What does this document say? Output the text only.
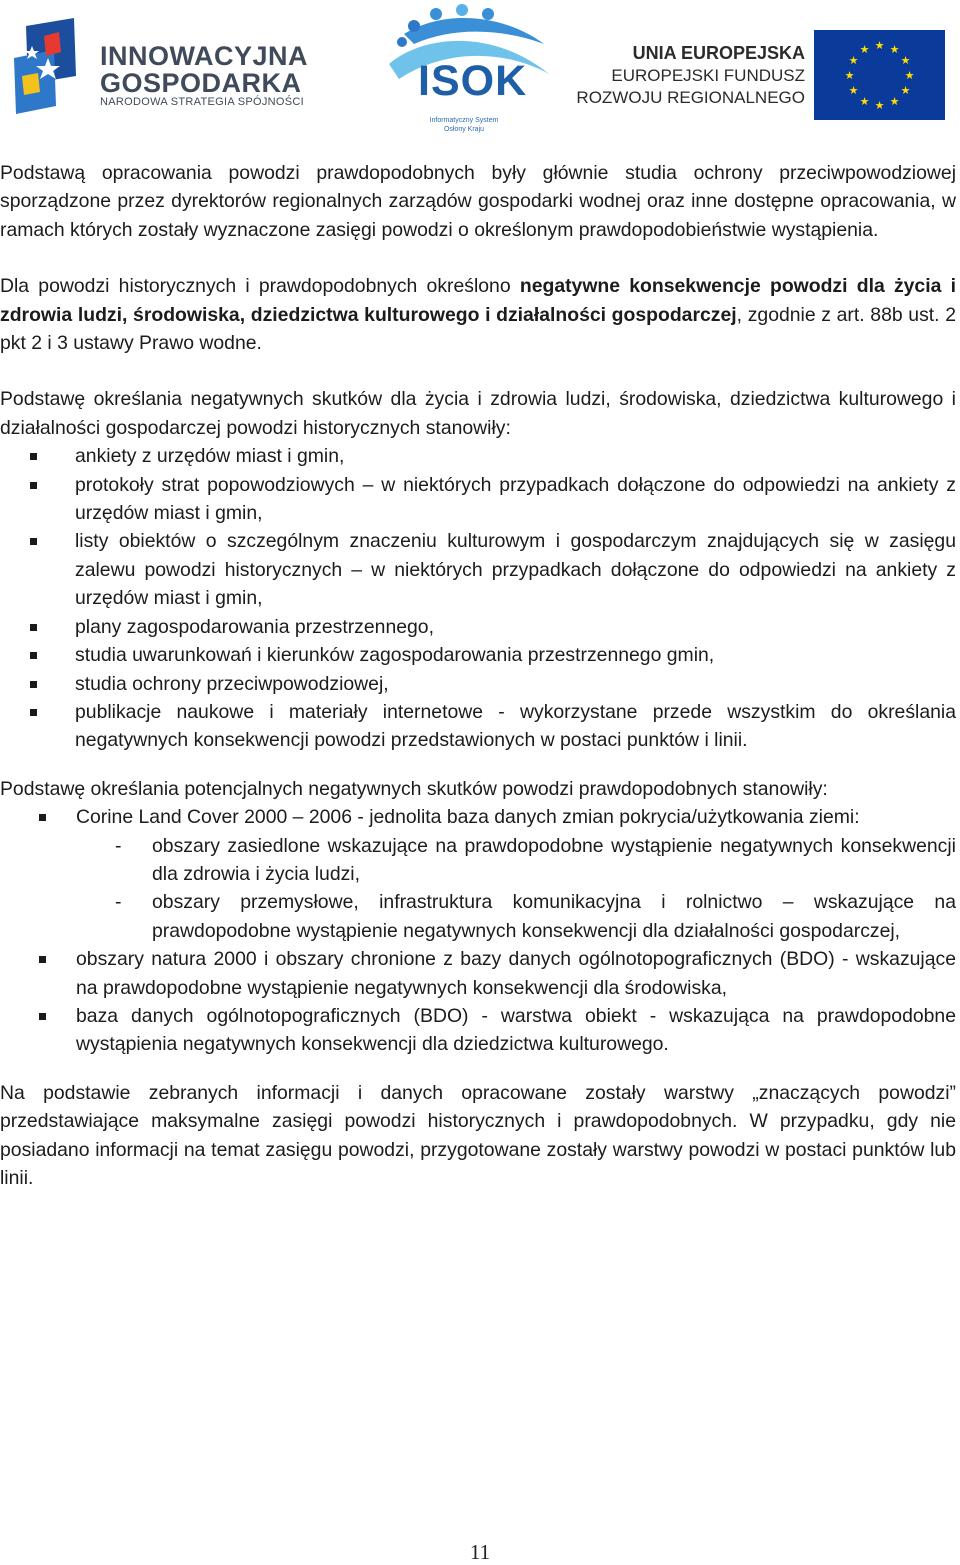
INNOWACYJNA
GOSPODARKA
NARODOWA STRATEGIA SPÓJNOŚCI	ISOK
Informatyczny System
Osłony Kraju
UNIA EUROPEJSKA
EUROPEJSKI FUNDUSZ
ROZWOJU REGIONALNEGO
★ ★
★
★
★
★
★
★
★
★
★
★

Podstawą opracowania powodzi prawdopodobnych były głównie studia ochrony przeciwpowodziowej sporządzone przez dyrektorów regionalnych zarządów gospodarki wodnej oraz inne dostępne opracowania, w ramach których zostały wyznaczone zasięgi powodzi o określonym prawdopodobieństwie wystąpienia.

Dla powodzi historycznych i prawdopodobnych określono negatywne konsekwencje powodzi dla życia i zdrowia ludzi, środowiska, dziedzictwa kulturowego i działalności gospodarczej, zgodnie z art. 88b ust. 2 pkt 2 i 3 ustawy Prawo wodne.

Podstawę określania negatywnych skutków dla życia i zdrowia ludzi, środowiska, dziedzictwa kulturowego i działalności gospodarczej powodzi historycznych stanowiły:

ankiety z urzędów miast i gmin,
protokoły strat popowodziowych – w niektórych przypadkach dołączone do odpowiedzi na ankiety z urzędów miast i gmin,
listy obiektów o szczególnym znaczeniu kulturowym i gospodarczym znajdujących się w zasięgu zalewu powodzi historycznych – w niektórych przypadkach dołączone do odpowiedzi na ankiety z urzędów miast i gmin,
plany zagospodarowania przestrzennego,
studia uwarunkowań i kierunków zagospodarowania przestrzennego gmin,
studia ochrony przeciwpowodziowej,
publikacje naukowe i materiały internetowe - wykorzystane przede wszystkim do określania negatywnych konsekwencji powodzi przedstawionych w postaci punktów i linii.

Podstawę określania potencjalnych negatywnych skutków powodzi prawdopodobnych stanowiły:

Corine Land Cover 2000 – 2006 - jednolita baza danych zmian pokrycia/użytkowania ziemi:
- obszary zasiedlone wskazujące na prawdopodobne wystąpienie negatywnych konsekwencji dla zdrowia i życia ludzi,
- obszary przemysłowe, infrastruktura komunikacyjna i rolnictwo – wskazujące na prawdopodobne wystąpienie negatywnych konsekwencji dla działalności gospodarczej,
obszary natura 2000 i obszary chronione z bazy danych ogólnotopograficznych (BDO) - wskazujące na prawdopodobne wystąpienie negatywnych konsekwencji dla środowiska,
baza danych ogólnotopograficznych (BDO) - warstwa obiekt - wskazująca na prawdopodobne wystąpienia negatywnych konsekwencji dla dziedzictwa kulturowego.

Na podstawie zebranych informacji i danych opracowane zostały warstwy „znaczących powodzi” przedstawiające maksymalne zasięgi powodzi historycznych i prawdopodobnych. W przypadku, gdy nie posiadano informacji na temat zasięgu powodzi, przygotowane zostały warstwy powodzi w postaci punktów lub linii.

11
